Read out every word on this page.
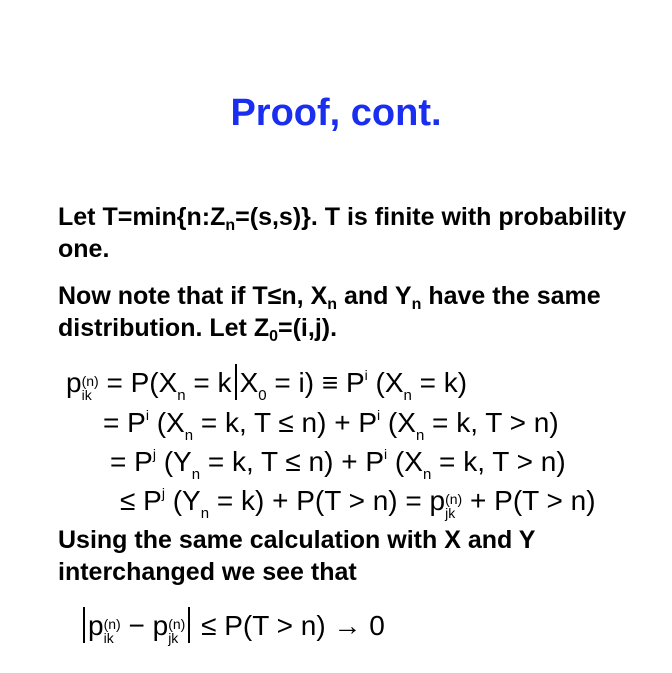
Proof, cont.
Let $T=\min\{n:Z_n=(s,s)\}$. T is finite with probability one.
Now note that if T≤n, $X_n$ and $Y_n$ have the same distribution. Let $Z_0=(i,j)$.
p (n)
ik = $P(X_n = k$ $X_0 = i) \equiv P^i$ $(X_n = k)$
= $P^i$ ($X_n = k$, $T \le n) + P^i$ ($X_n = k$, T > n)
= $P^j$ ($Y_n = k$, $T \le n) + P^i$ ($X_n = k$, T > n)
≤ $P^j$ $(Y_n = k) + P(T > n) = p$ (n)
jk + P(T > n)
Using the same calculation with X and Y interchanged we see that
p (n)
ik − p (n)
jk ≤ P(T > n) → 0
